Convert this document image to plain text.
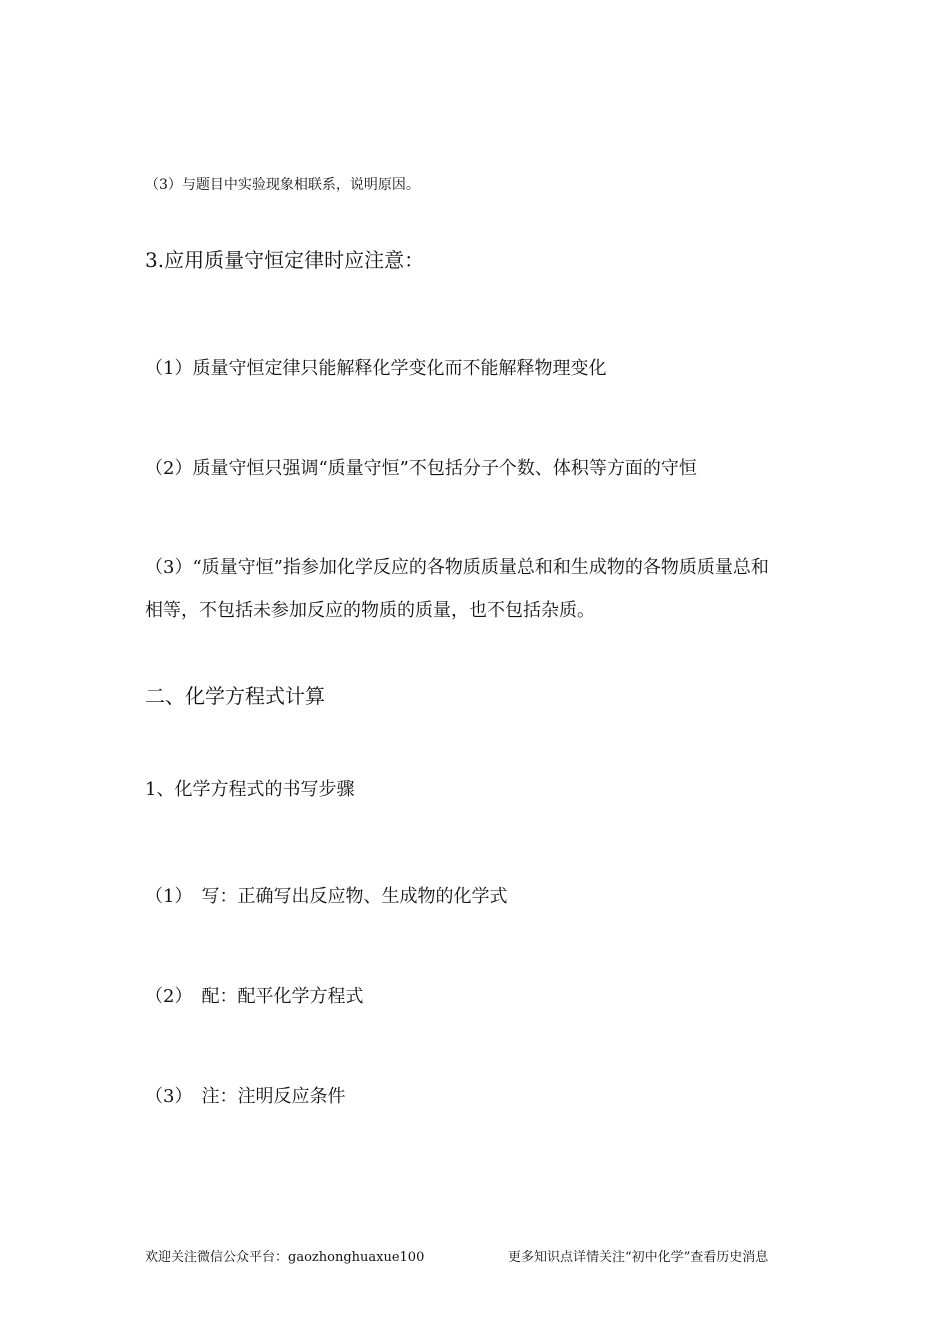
（3）与题目中实验现象相联系，说明原因。
3.应用质量守恒定律时应注意：
（1）质量守恒定律只能解释化学变化而不能解释物理变化
（2）质量守恒只强调“质量守恒”不包括分子个数、体积等方面的守恒
（3）“质量守恒”指参加化学反应的各物质质量总和和生成物的各物质质量总和
相等，不包括未参加反应的物质的质量，也不包括杂质。
二、化学方程式计算
1、化学方程式的书写步骤
（1）　写：正确写出反应物、生成物的化学式
（2）　配：配平化学方程式
（3）　注：注明反应条件
欢迎关注微信公众平台：gaozhonghuaxue100	更多知识点详情关注“初中化学”查看历史消息
